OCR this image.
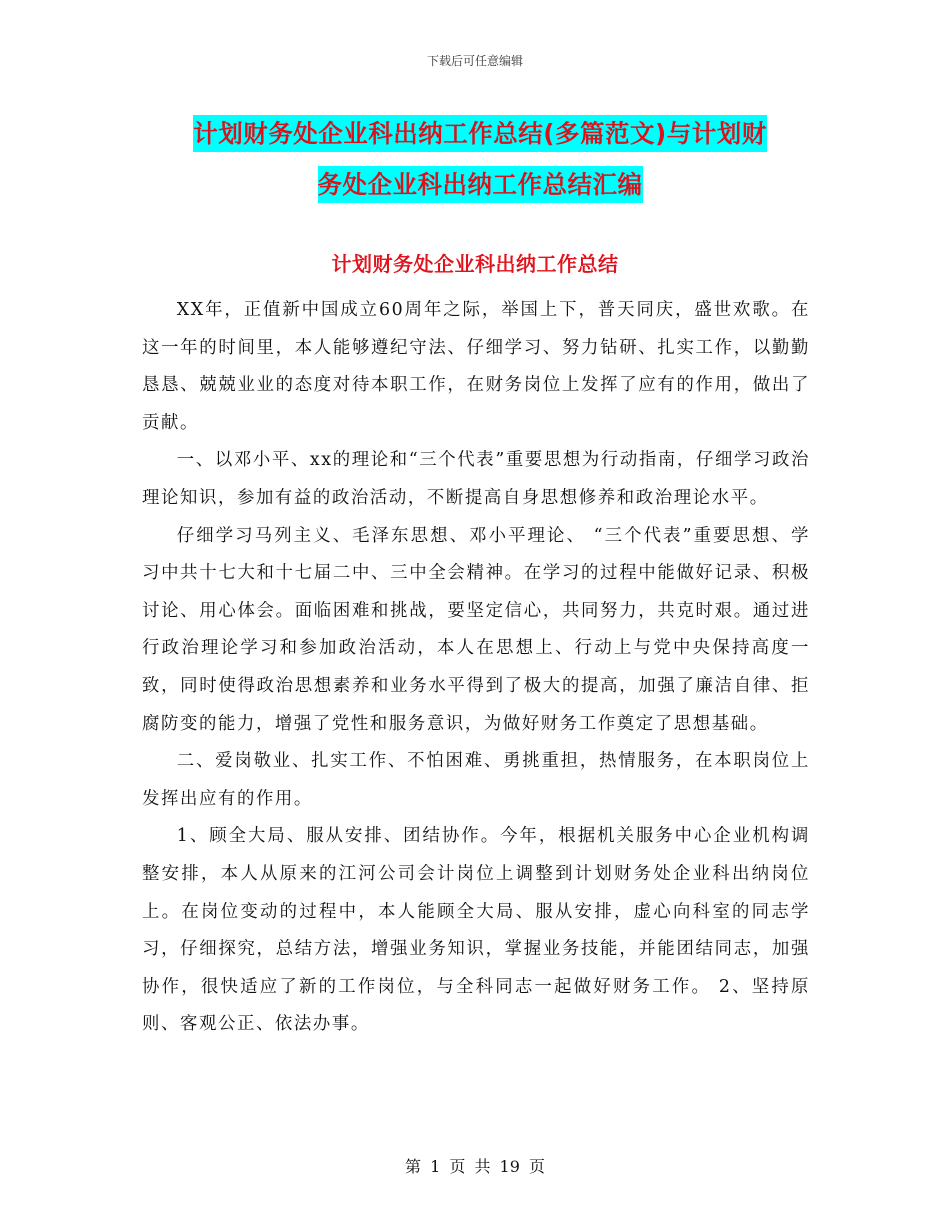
下载后可任意编辑
计划财务处企业科出纳工作总结(多篇范文)与计划财
务处企业科出纳工作总结汇编
计划财务处企业科出纳工作总结

XX年，正值新中国成立60周年之际，举国上下，普天同庆，盛世欢歌。在这一年的时间里，本人能够遵纪守法、仔细学习、努力钻研、扎实工作，以勤勤恳恳、兢兢业业的态度对待本职工作，在财务岗位上发挥了应有的作用，做出了贡献。

一、以邓小平、xx的理论和“三个代表”重要思想为行动指南，仔细学习政治理论知识，参加有益的政治活动，不断提高自身思想修养和政治理论水平。

仔细学习马列主义、毛泽东思想、邓小平理论、 “三个代表”重要思想、学习中共十七大和十七届二中、三中全会精神。在学习的过程中能做好记录、积极讨论、用心体会。面临困难和挑战，要坚定信心，共同努力，共克时艰。通过进行政治理论学习和参加政治活动，本人在思想上、行动上与党中央保持高度一致，同时使得政治思想素养和业务水平得到了极大的提高，加强了廉洁自律、拒腐防变的能力，增强了党性和服务意识，为做好财务工作奠定了思想基础。

二、爱岗敬业、扎实工作、不怕困难、勇挑重担，热情服务，在本职岗位上发挥出应有的作用。

1、顾全大局、服从安排、团结协作。今年，根据机关服务中心企业机构调整安排，本人从原来的江河公司会计岗位上调整到计划财务处企业科出纳岗位上。在岗位变动的过程中，本人能顾全大局、服从安排，虚心向科室的同志学习，仔细探究，总结方法，增强业务知识，掌握业务技能，并能团结同志，加强协作，很快适应了新的工作岗位，与全科同志一起做好财务工作。 2、坚持原则、客观公正、依法办事。

第 1 页 共 19 页
